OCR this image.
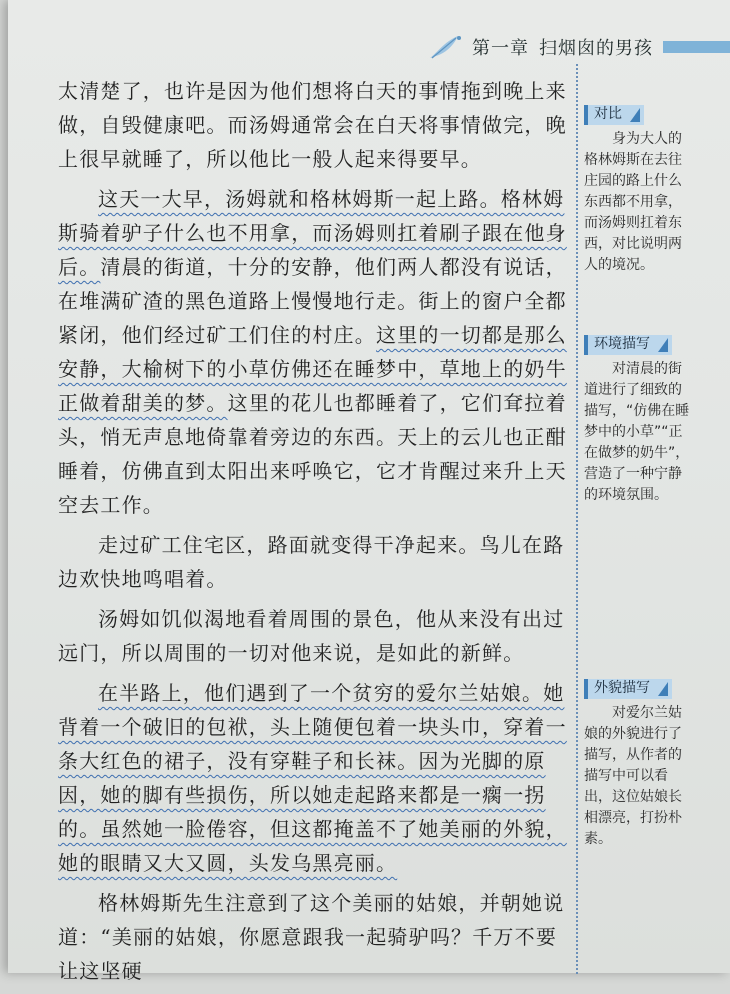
第一章 扫烟囱的男孩

太清楚了，也许是因为他们想将白天的事情拖到晚上来做，自毁健康吧。而汤姆通常会在白天将事情做完，晚上很早就睡了，所以他比一般人起来得要早。

这天一大早，汤姆就和格林姆斯一起上路。格林姆斯骑着驴子什么也不用拿，而汤姆则扛着刷子跟在他身后。清晨的街道，十分的安静，他们两人都没有说话，在堆满矿渣的黑色道路上慢慢地行走。街上的窗户全都紧闭，他们经过矿工们住的村庄。这里的一切都是那么安静，大榆树下的小草仿佛还在睡梦中，草地上的奶牛正做着甜美的梦。这里的花儿也都睡着了，它们耷拉着头，悄无声息地倚靠着旁边的东西。天上的云儿也正酣睡着，仿佛直到太阳出来呼唤它，它才肯醒过来升上天空去工作。

走过矿工住宅区，路面就变得干净起来。鸟儿在路边欢快地鸣唱着。

汤姆如饥似渴地看着周围的景色，他从来没有出过远门，所以周围的一切对他来说，是如此的新鲜。

在半路上，他们遇到了一个贫穷的爱尔兰姑娘。她背着一个破旧的包袱，头上随便包着一块头巾，穿着一条大红色的裙子，没有穿鞋子和长袜。因为光脚的原因，她的脚有些损伤，所以她走起路来都是一瘸一拐的。虽然她一脸倦容，但这都掩盖不了她美丽的外貌，她的眼睛又大又圆，头发乌黑亮丽。

格林姆斯先生注意到了这个美丽的姑娘，并朝她说道：“美丽的姑娘，你愿意跟我一起骑驴吗？千万不要让这坚硬

对比
身为大人的格林姆斯在去往庄园的路上什么东西都不用拿，而汤姆则扛着东西，对比说明两人的境况。
环境描写
对清晨的街道进行了细致的描写，“仿佛在睡梦中的小草”“正在做梦的奶牛”，营造了一种宁静的环境氛围。
外貌描写
对爱尔兰姑娘的外貌进行了描写，从作者的描写中可以看出，这位姑娘长相漂亮，打扮朴素。
